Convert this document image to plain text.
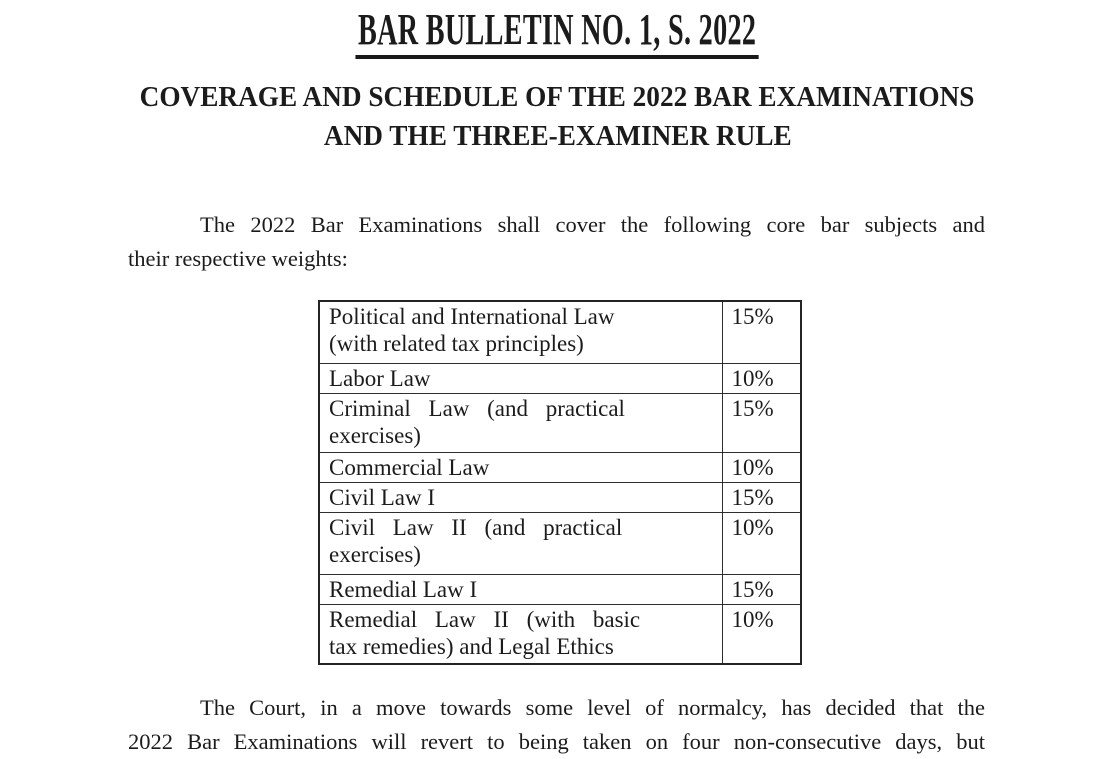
BAR BULLETIN NO. 1, S. 2022
COVERAGE AND SCHEDULE OF THE 2022 BAR EXAMINATIONS
AND THE THREE-EXAMINER RULE

The 2022 Bar Examinations shall cover the following core bar subjects and
their respective weights:

Political and International Law
(with related tax principles)	15%

Labor Law	10%

Criminal Law (and practical
exercises)	15%

Commercial Law	10%

Civil Law I	15%

Civil Law II (and practical
exercises)	10%

Remedial Law I	15%

Remedial Law II (with basic
tax remedies) and Legal Ethics	10%

The Court, in a move towards some level of normalcy, has decided that the
2022 Bar Examinations will revert to being taken on four non-consecutive days, but
